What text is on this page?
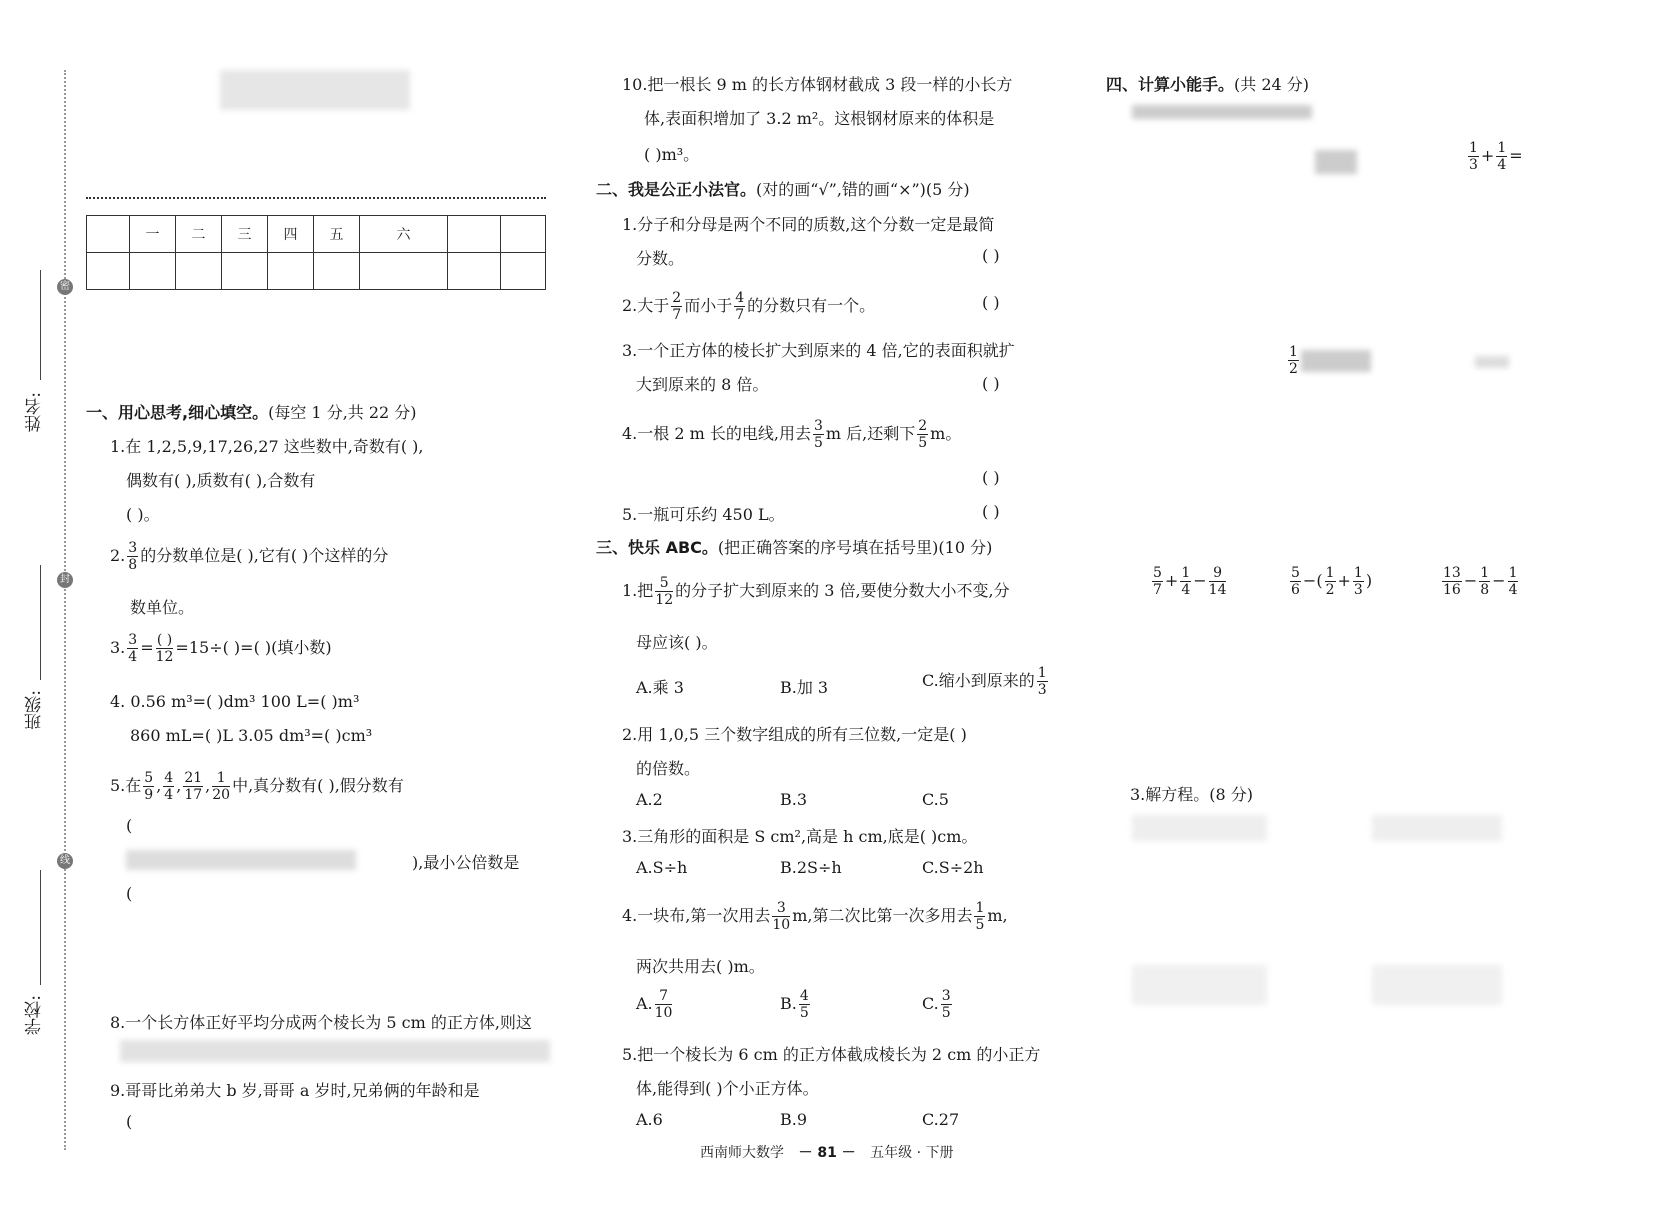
密
封
线
姓名:
班级:
学校:
	一	二	三	四	五	六		

一、用心思考,细心填空。(每空 1 分,共 22 分)
1.在 1,2,5,9,17,26,27 这些数中,奇数有( ),
偶数有( ),质数有( ),合数有
( )。
2. $\frac{3}{8}$ 的分数单位是( ),它有( )个这样的分
数单位。
3. $\frac{3}{4} = \frac{( )}{12} =15\div$( )=( )(填小数)
4. 0.56 m³=( )dm³ 100 L=( )m³
860 mL=( )L 3.05 dm³=( )cm³
5.在 $\frac{5}{9}$ , $\frac{4}{4}$ , $\frac{21}{17}$ , $\frac{1}{20}$ 中,真分数有( ),假分数有
(
),最小公倍数是
(
8.一个长方体正好平均分成两个棱长为 5 cm 的正方体,则这
9.哥哥比弟弟大 b 岁,哥哥 a 岁时,兄弟俩的年龄和是
(
10.把一根长 9 m 的长方体钢材截成 3 段一样的小长方
体,表面积增加了 3.2 m²。这根钢材原来的体积是
( )m³。
二、我是公正小法官。(对的画“√”,错的画“×”)(5 分)
1.分子和分母是两个不同的质数,这个分数一定是最简
分数。	( )
2.大于 $\frac{2}{7}$ 而小于 $\frac{4}{7}$ 的分数只有一个。	( )
3.一个正方体的棱长扩大到原来的 4 倍,它的表面积就扩
大到原来的 8 倍。	( )
4.一根 2 m 长的电线,用去 $\frac{3}{5}$ m 后,还剩下 $\frac{2}{5}$ m。
( )
5.一瓶可乐约 450 L。	( )
三、快乐 ABC。(把正确答案的序号填在括号里)(10 分)
1.把 $\frac{5}{12}$ 的分子扩大到原来的 3 倍,要使分数大小不变,分
母应该( )。
A.乘 3	B.加 3	C.缩小到原来的 $\frac{1}{3}$
2.用 1,0,5 三个数字组成的所有三位数,一定是( )
的倍数。
A.2	B.3	C.5
3.三角形的面积是 S cm²,高是 h cm,底是( )cm。
A.S÷h	B.2S÷h	C.S÷2h
4.一块布,第一次用去 $\frac{3}{10} m$,第二次比第一次多用去 $\frac{1}{5} m$,
两次共用去( )m。
A. $\frac{7}{10}$	B. $\frac{4}{5}$	C. $\frac{3}{5}$
5.把一个棱长为 6 cm 的正方体截成棱长为 2 cm 的小正方
体,能得到( )个小正方体。
A.6	B.9	C.27
四、计算小能手。(共 24 分)
$\frac{1}{3} + \frac{1}{4}$ =
$\frac{1}{2}$
$\frac{5}{7} + \frac{1}{4} - \frac{9}{14}$	$\frac{5}{6}$ −( $\frac{1}{2} + \frac{1}{3}$ )	$\frac{13}{16} - \frac{1}{8} - \frac{1}{4}$
3.解方程。(8 分)
西南师大数学 － 81 － 五年级 · 下册
